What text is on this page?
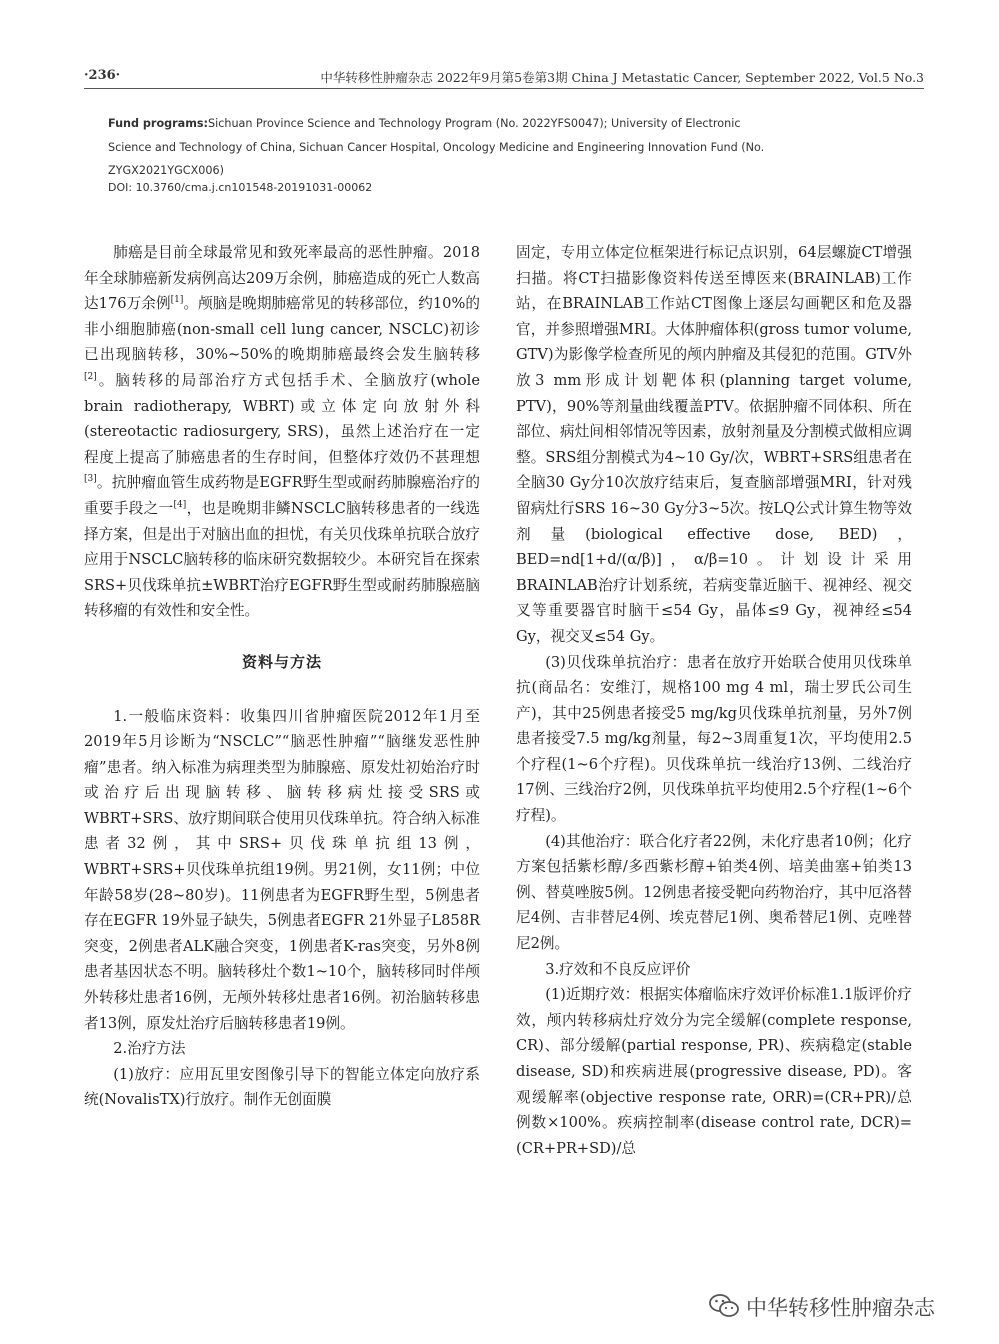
·236·	中华转移性肿瘤杂志 2022年9月第5卷第3期 China J Metastatic Cancer, September 2022, Vol.5 No.3

Fund programs:Sichuan Province Science and Technology Program (No. 2022YFS0047); University of Electronic Science and Technology of China, Sichuan Cancer Hospital, Oncology Medicine and Engineering Innovation Fund (No. ZYGX2021YGCX006)

DOI: 10.3760/cma.j.cn101548-20191031-00062

肺癌是目前全球最常见和致死率最高的恶性肿瘤。2018年全球肺癌新发病例高达209万余例，肺癌造成的死亡人数高达176万余例[1]。颅脑是晚期肺癌常见的转移部位，约10%的非小细胞肺癌(non-small cell lung cancer, NSCLC)初诊已出现脑转移，30%~50%的晚期肺癌最终会发生脑转移[2]。脑转移的局部治疗方式包括手术、全脑放疗(whole brain radiotherapy, WBRT)或立体定向放射外科(stereotactic radiosurgery, SRS)，虽然上述治疗在一定程度上提高了肺癌患者的生存时间，但整体疗效仍不甚理想[3]。抗肿瘤血管生成药物是EGFR野生型或耐药肺腺癌治疗的重要手段之一[4]，也是晚期非鳞NSCLC脑转移患者的一线选择方案，但是出于对脑出血的担忧，有关贝伐珠单抗联合放疗应用于NSCLC脑转移的临床研究数据较少。本研究旨在探索SRS+贝伐珠单抗±WBRT治疗EGFR野生型或耐药肺腺癌脑转移瘤的有效性和安全性。

资料与方法

1.一般临床资料：收集四川省肿瘤医院2012年1月至2019年5月诊断为“NSCLC”“脑恶性肿瘤”“脑继发恶性肿瘤”患者。纳入标准为病理类型为肺腺癌、原发灶初始治疗时或治疗后出现脑转移、脑转移病灶接受SRS或WBRT+SRS、放疗期间联合使用贝伐珠单抗。符合纳入标准患者32例，其中SRS+贝伐珠单抗组13例，WBRT+SRS+贝伐珠单抗组19例。男21例，女11例；中位年龄58岁(28~80岁)。11例患者为EGFR野生型，5例患者存在EGFR 19外显子缺失，5例患者EGFR 21外显子L858R突变，2例患者ALK融合突变，1例患者K-ras突变，另外8例患者基因状态不明。脑转移灶个数1~10个，脑转移同时伴颅外转移灶患者16例，无颅外转移灶患者16例。初治脑转移患者13例，原发灶治疗后脑转移患者19例。

2.治疗方法

(1)放疗：应用瓦里安图像引导下的智能立体定向放疗系统(NovalisTX)行放疗。制作无创面膜

固定，专用立体定位框架进行标记点识别，64层螺旋CT增强扫描。将CT扫描影像资料传送至博医来(BRAINLAB)工作站，在BRAINLAB工作站CT图像上逐层勾画靶区和危及器官，并参照增强MRI。大体肿瘤体积(gross tumor volume, GTV)为影像学检查所见的颅内肿瘤及其侵犯的范围。GTV外放3 mm形成计划靶体积(planning target volume, PTV)，90%等剂量曲线覆盖PTV。依据肿瘤不同体积、所在部位、病灶间相邻情况等因素，放射剂量及分割模式做相应调整。SRS组分割模式为4~10 Gy/次，WBRT+SRS组患者在全脑30 Gy分10次放疗结束后，复查脑部增强MRI，针对残留病灶行SRS 16~30 Gy分3~5次。按LQ公式计算生物等效剂量(biological effective dose, BED)，BED=nd[1+d/(α/β)]，α/β=10。计划设计采用BRAINLAB治疗计划系统，若病变靠近脑干、视神经、视交叉等重要器官时脑干≤54 Gy，晶体≤9 Gy，视神经≤54 Gy，视交叉≤54 Gy。

(3)贝伐珠单抗治疗：患者在放疗开始联合使用贝伐珠单抗(商品名：安维汀，规格100 mg 4 ml，瑞士罗氏公司生产)，其中25例患者接受5 mg/kg贝伐珠单抗剂量，另外7例患者接受7.5 mg/kg剂量，每2~3周重复1次，平均使用2.5个疗程(1~6个疗程)。贝伐珠单抗一线治疗13例、二线治疗17例、三线治疗2例，贝伐珠单抗平均使用2.5个疗程(1~6个疗程)。

(4)其他治疗：联合化疗者22例，未化疗患者10例；化疗方案包括紫杉醇/多西紫杉醇+铂类4例、培美曲塞+铂类13例、替莫唑胺5例。12例患者接受靶向药物治疗，其中厄洛替尼4例、吉非替尼4例、埃克替尼1例、奥希替尼1例、克唑替尼2例。

3.疗效和不良反应评价

(1)近期疗效：根据实体瘤临床疗效评价标准1.1版评价疗效，颅内转移病灶疗效分为完全缓解(complete response, CR)、部分缓解(partial response, PR)、疾病稳定(stable disease, SD)和疾病进展(progressive disease, PD)。客观缓解率(objective response rate, ORR)=(CR+PR)/总例数×100%。疾病控制率(disease control rate, DCR)=(CR+PR+SD)/总

中华转移性肿瘤杂志
